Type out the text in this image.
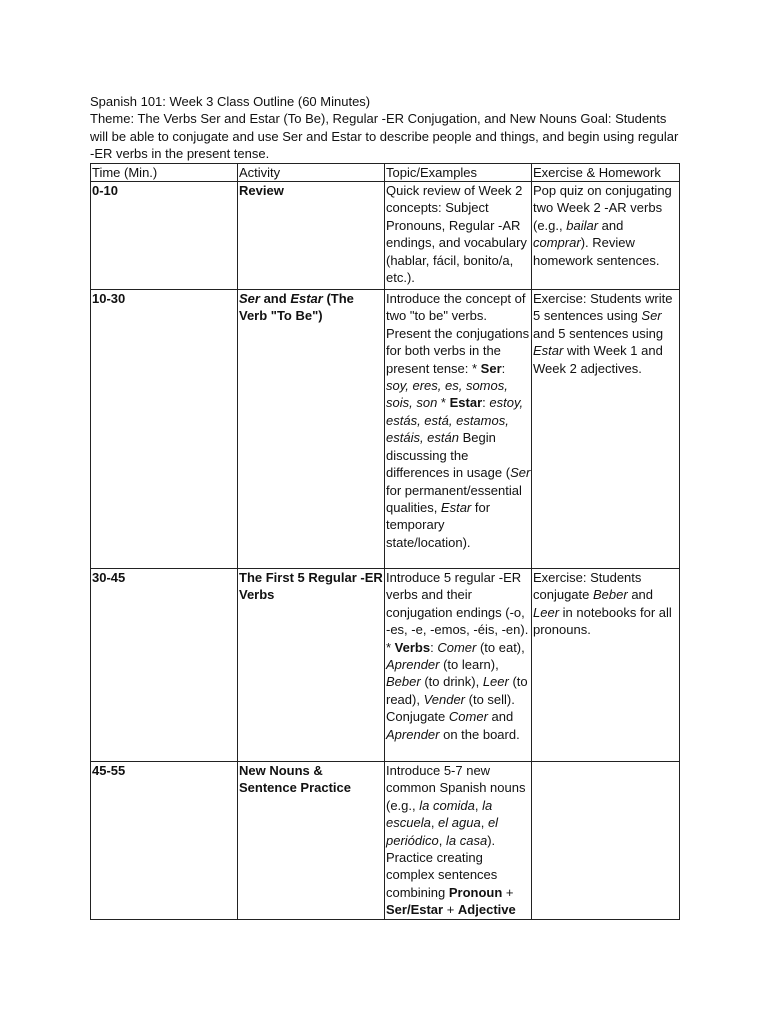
Spanish 101: Week 3 Class Outline (60 Minutes)

Theme: The Verbs Ser and Estar (To Be), Regular -ER Conjugation, and New Nouns Goal: Students will be able to conjugate and use Ser and Estar to describe people and things, and begin using regular -ER verbs in the present tense.

Time (Min.)	Activity	Topic/Examples	Exercise & Homework
0-10	Review	Quick review of Week 2 concepts: Subject Pronouns, Regular -AR endings, and vocabulary (hablar, fácil, bonito/a, etc.).	Pop quiz on conjugating two Week 2 -AR verbs (e.g., bailar and comprar). Review homework sentences.
10-30	Ser and Estar (The Verb "To Be")	Introduce the concept of two "to be" verbs. Present the conjugations for both verbs in the present tense: * Ser: soy, eres, es, somos, sois, son * Estar: estoy, estás, está, estamos, estáis, están Begin discussing the differences in usage (Ser for permanent/essential qualities, Estar for temporary state/location).	Exercise: Students write 5 sentences using Ser and 5 sentences using Estar with Week 1 and Week 2 adjectives.
30-45	The First 5 Regular -ER Verbs	Introduce 5 regular -ER verbs and their conjugation endings (-o, -es, -e, -emos, -éis, -en). * Verbs: Comer (to eat), Aprender (to learn), Beber (to drink), Leer (to read), Vender (to sell). Conjugate Comer and Aprender on the board.	Exercise: Students conjugate Beber and Leer in notebooks for all pronouns.
45-55	New Nouns & Sentence Practice	Introduce 5-7 new common Spanish nouns (e.g., la comida, la escuela, el agua, el periódico, la casa). Practice creating complex sentences combining Pronoun + Ser/Estar + Adjective	
